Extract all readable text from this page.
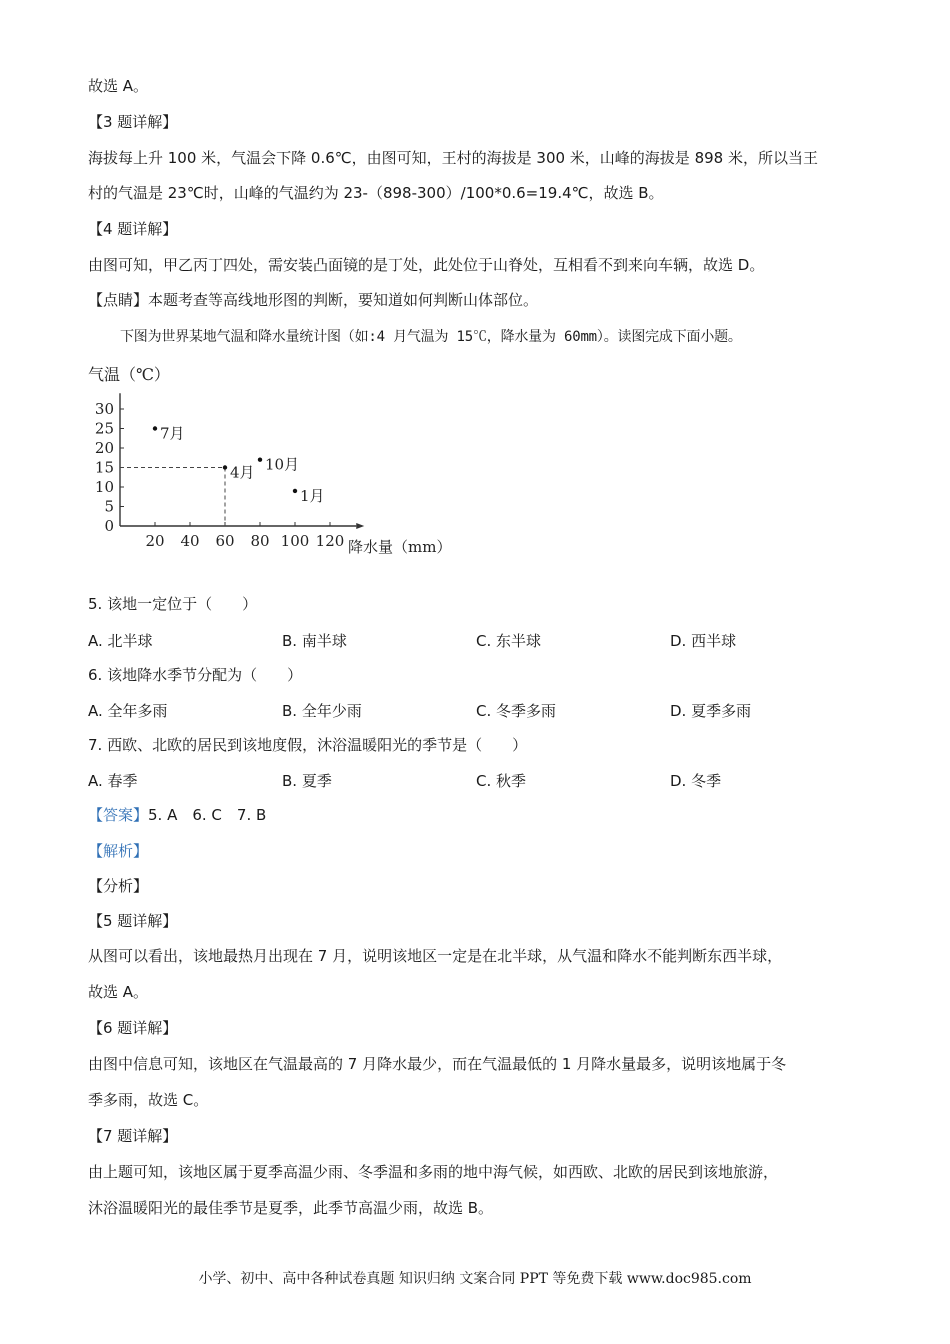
故选 A。
【3 题详解】
海拔每上升 100 米，气温会下降 0.6℃，由图可知，王村的海拔是 300 米，山峰的海拔是 898 米，所以当王
村的气温是 23℃时，山峰的气温约为 23-（898-300）/100*0.6=19.4℃，故选 B。
【4 题详解】
由图可知，甲乙丙丁四处，需安装凸面镜的是丁处，此处位于山脊处，互相看不到来向车辆，故选 D。
【点睛】本题考查等高线地形图的判断，要知道如何判断山体部位。
下图为世界某地气温和降水量统计图（如:4 月气温为 15℃，降水量为 60mm）。读图完成下面小题。
气温（℃）
降水量（mm）
0
5
10
15
20
25
30
20 40 60 80 100 120
7月
4月 10月
1月
5. 该地一定位于（　　）
A. 北半球	B. 南半球	C. 东半球	D. 西半球
6. 该地降水季节分配为（　　）
A. 全年多雨	B. 全年少雨	C. 冬季多雨	D. 夏季多雨
7. 西欧、北欧的居民到该地度假，沐浴温暖阳光的季节是（　　）
A. 春季	B. 夏季	C. 秋季	D. 冬季
【答案】5. A　6. C　7. B
【解析】
【分析】
【5 题详解】
从图可以看出，该地最热月出现在 7 月，说明该地区一定是在北半球，从气温和降水不能判断东西半球，
故选 A。
【6 题详解】
由图中信息可知，该地区在气温最高的 7 月降水最少，而在气温最低的 1 月降水量最多，说明该地属于冬
季多雨，故选 C。
【7 题详解】
由上题可知，该地区属于夏季高温少雨、冬季温和多雨的地中海气候，如西欧、北欧的居民到该地旅游，
沐浴温暖阳光的最佳季节是夏季，此季节高温少雨，故选 B。
小学、初中、高中各种试卷真题 知识归纳 文案合同 PPT 等免费下载 www.doc985.com
